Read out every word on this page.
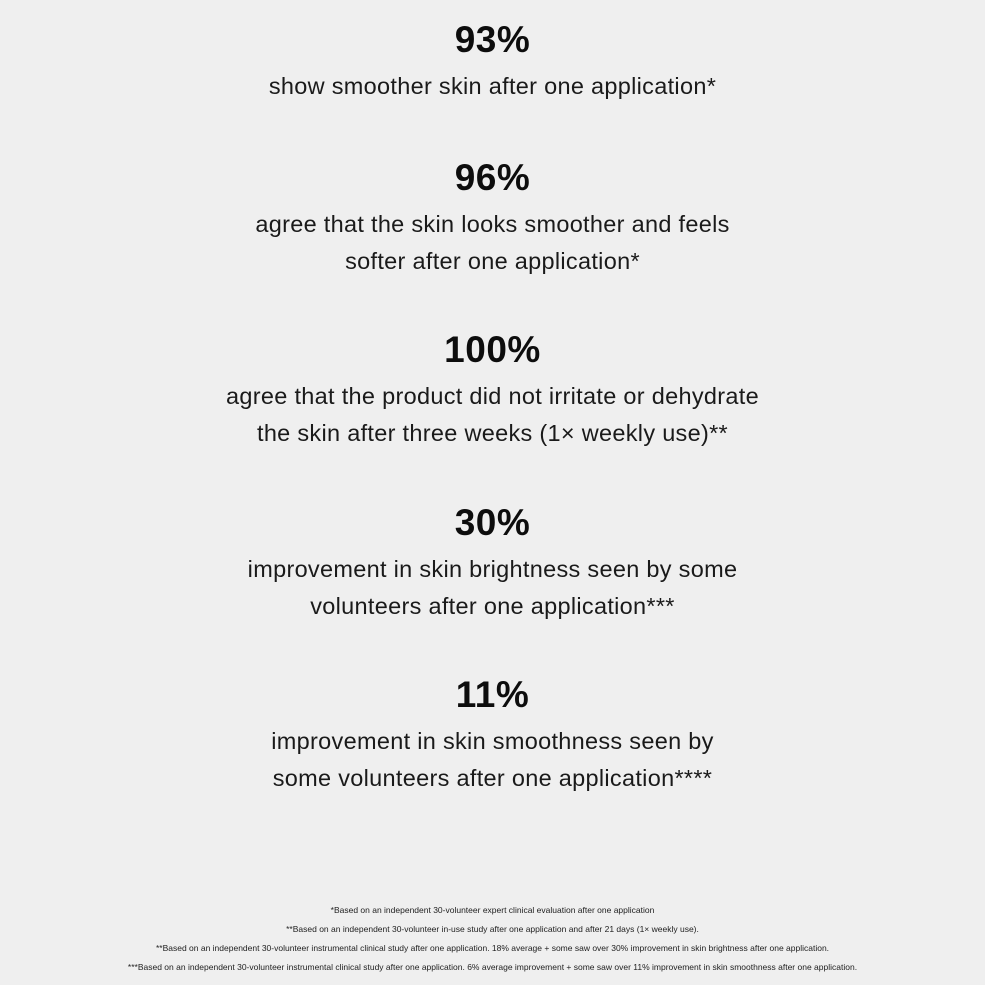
93%
show smoother skin after one application*
96%
agree that the skin looks smoother and feels
softer after one application*
100%
agree that the product did not irritate or dehydrate
the skin after three weeks (1× weekly use)**
30%
improvement in skin brightness seen by some
volunteers after one application***
11%
improvement in skin smoothness seen by
some volunteers after one application****
*Based on an independent 30-volunteer expert clinical evaluation after one application
**Based on an independent 30-volunteer in-use study after one application and after 21 days (1× weekly use).
**Based on an independent 30-volunteer instrumental clinical study after one application. 18% average + some saw over 30% improvement in skin brightness after one application.
***Based on an independent 30-volunteer instrumental clinical study after one application. 6% average improvement + some saw over 11% improvement in skin smoothness after one application.
